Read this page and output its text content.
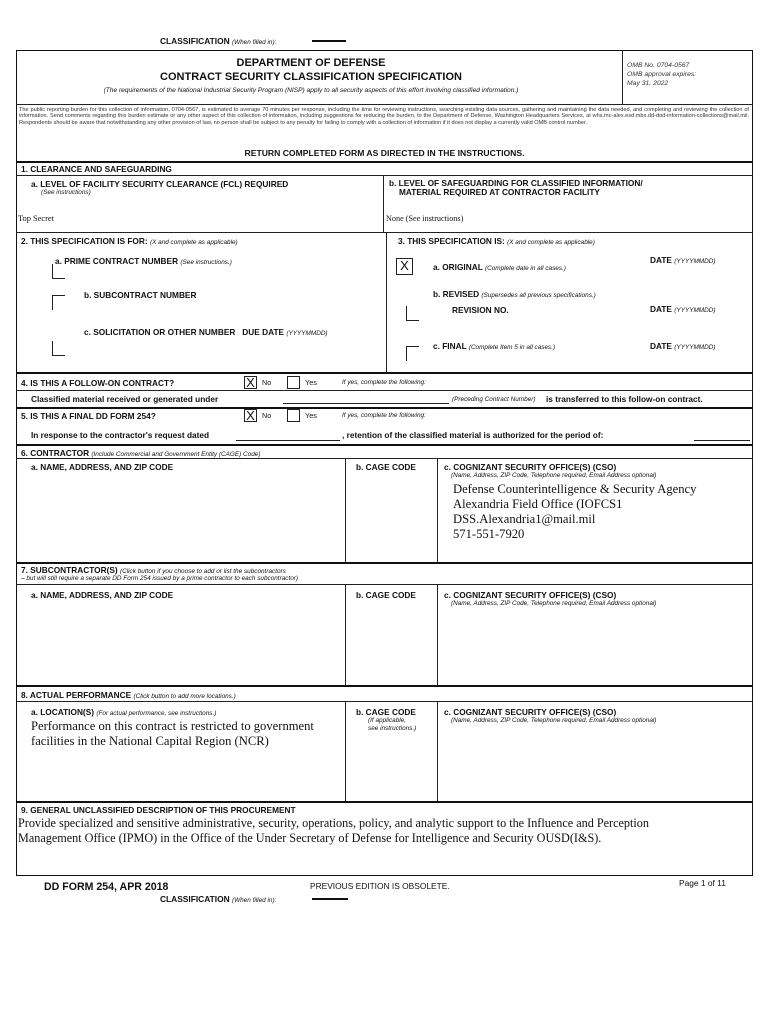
CLASSIFICATION (When filled in):
DEPARTMENT OF DEFENSE
CONTRACT SECURITY CLASSIFICATION SPECIFICATION
(The requirements of the National Industrial Security Program (NISP) apply to all security aspects of this effort involving classified information.)
OMB No. 0704-0567
OMB approval expires:
May 31, 2022
The public reporting burden for this collection of information, 0704-0567, is estimated to average 70 minutes per response, including the time for reviewing instructions, searching existing data sources, gathering and maintaining the data needed, and completing and reviewing the collection of information. Send comments regarding this burden estimate or any other aspect of this collection of information, including suggestions for reducing the burden, to the Department of Defense, Washington Headquarters Services, at whs.mc-alex.esd.mbx.dd-dod-information-collections@mail.mil. Respondents should be aware that notwithstanding any other provision of law, no person shall be subject to any penalty for failing to comply with a collection of information if it does not display a currently valid OMB control number.
RETURN COMPLETED FORM AS DIRECTED IN THE INSTRUCTIONS.
1. CLEARANCE AND SAFEGUARDING
a. LEVEL OF FACILITY SECURITY CLEARANCE (FCL) REQUIRED
(See instructions)
Top Secret
b. LEVEL OF SAFEGUARDING FOR CLASSIFIED INFORMATION/
MATERIAL REQUIRED AT CONTRACTOR FACILITY
None (See instructions)
2. THIS SPECIFICATION IS FOR: (X and complete as applicable)
a. PRIME CONTRACT NUMBER (See instructions.)
b. SUBCONTRACT NUMBER
c. SOLICITATION OR OTHER NUMBER DUE DATE (YYYYMMDD)
3. THIS SPECIFICATION IS: (X and complete as applicable)
X	a. ORIGINAL (Complete date in all cases.)
DATE (YYYYMMDD)
b. REVISED (Supersedes all previous specifications.)
REVISION NO.	DATE (YYYYMMDD)
c. FINAL (Complete Item 5 in all cases.)	DATE (YYYYMMDD)
4. IS THIS A FOLLOW-ON CONTRACT?	X No	Yes	If yes, complete the following:
Classified material received or generated under	(Preceding Contract Number) is transferred to this follow-on contract.
5. IS THIS A FINAL DD FORM 254?	X No	Yes	If yes, complete the following:
In response to the contractor's request dated	, retention of the classified material is authorized for the period of:
6. CONTRACTOR (Include Commercial and Government Entity (CAGE) Code)
a. NAME, ADDRESS, AND ZIP CODE	b. CAGE CODE	c. COGNIZANT SECURITY OFFICE(S) (CSO)
(Name, Address, ZIP Code, Telephone required, Email Address optional)
Defense Counterintelligence & Security Agency
Alexandria Field Office (IOFCS1
DSS.Alexandria1@mail.mil
571-551-7920
7. SUBCONTRACTOR(S) (Click button if you choose to add or list the subcontractors
– but will still require a separate DD Form 254 issued by a prime contractor to each subcontractor)
a. NAME, ADDRESS, AND ZIP CODE	b. CAGE CODE	c. COGNIZANT SECURITY OFFICE(S) (CSO)
(Name, Address, ZIP Code, Telephone required, Email Address optional)
8. ACTUAL PERFORMANCE (Click button to add more locations.)
a. LOCATION(S) (For actual performance, see instructions.)
Performance on this contract is restricted to government
facilities in the National Capital Region (NCR)
b. CAGE CODE
(If applicable,
see instructions.)
c. COGNIZANT SECURITY OFFICE(S) (CSO)
(Name, Address, ZIP Code, Telephone required, Email Address optional)
9. GENERAL UNCLASSIFIED DESCRIPTION OF THIS PROCUREMENT
Provide specialized and sensitive administrative, security, operations, policy, and analytic support to the Influence and Perception
Management Office (IPMO) in the Office of the Under Secretary of Defense for Intelligence and Security OUSD(I&S).
DD FORM 254, APR 2018	PREVIOUS EDITION IS OBSOLETE.	Page 1 of 11
CLASSIFICATION (When filled in):
